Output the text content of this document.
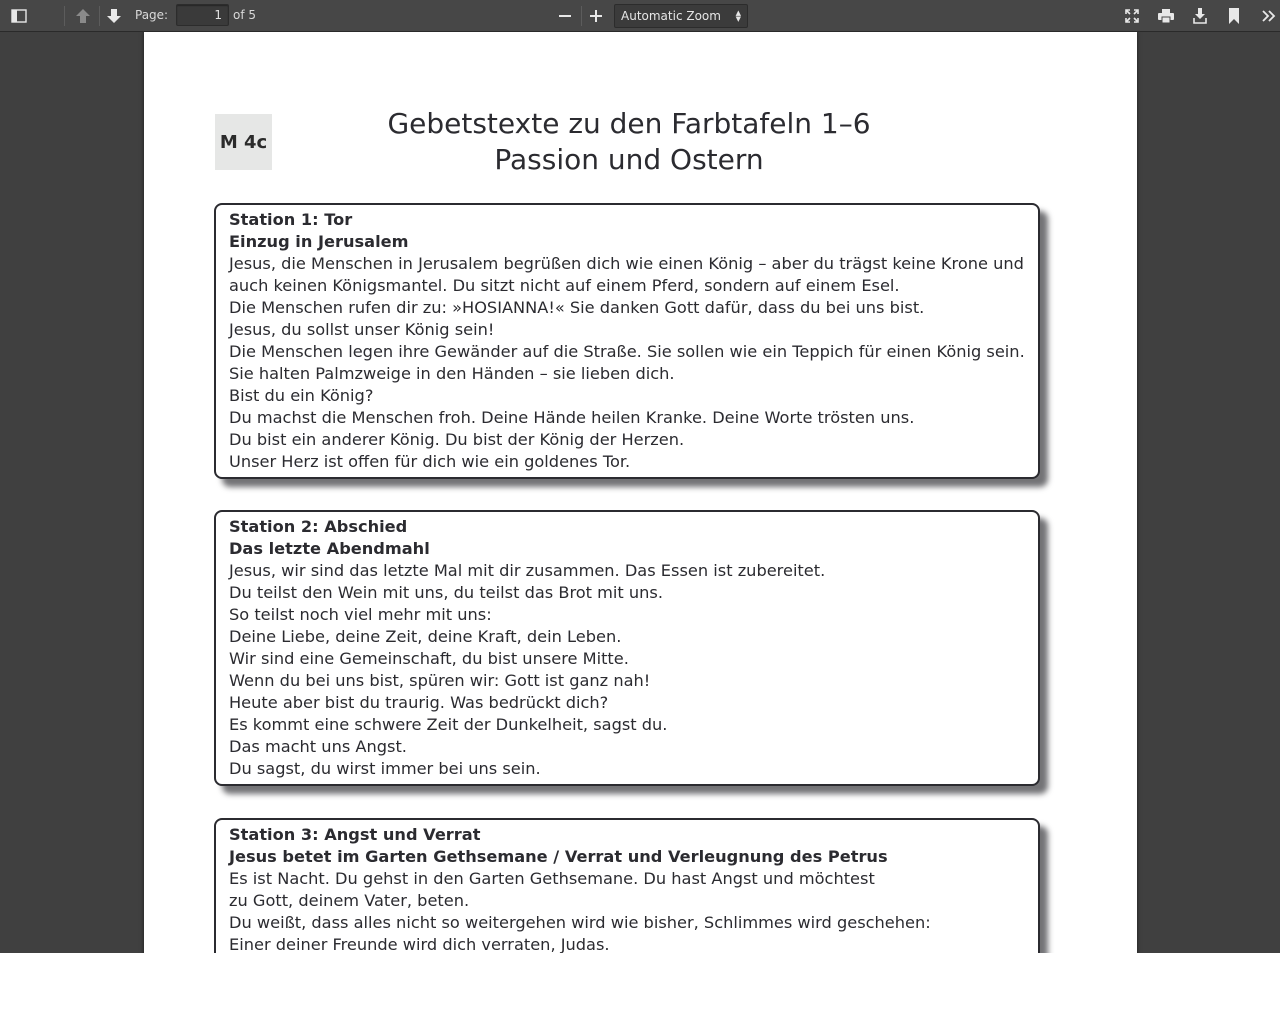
Page:
1	of 5	Automatic Zoom ▲
▼
M 4c
Gebetstexte zu den Farbtafeln 1–6
Passion und Ostern
Station 1: Tor
Einzug in Jerusalem
Jesus, die Menschen in Jerusalem begrüßen dich wie einen König – aber du trägst keine Krone und
auch keinen Königsmantel. Du sitzt nicht auf einem Pferd, sondern auf einem Esel.
Die Menschen rufen dir zu: »HOSIANNA!« Sie danken Gott dafür, dass du bei uns bist.
Jesus, du sollst unser König sein!
Die Menschen legen ihre Gewänder auf die Straße. Sie sollen wie ein Teppich für einen König sein.
Sie halten Palmzweige in den Händen – sie lieben dich.
Bist du ein König?
Du machst die Menschen froh. Deine Hände heilen Kranke. Deine Worte trösten uns.
Du bist ein anderer König. Du bist der König der Herzen.
Unser Herz ist offen für dich wie ein goldenes Tor.
Station 2: Abschied
Das letzte Abendmahl
Jesus, wir sind das letzte Mal mit dir zusammen. Das Essen ist zubereitet.
Du teilst den Wein mit uns, du teilst das Brot mit uns.
So teilst noch viel mehr mit uns:
Deine Liebe, deine Zeit, deine Kraft, dein Leben.
Wir sind eine Gemeinschaft, du bist unsere Mitte.
Wenn du bei uns bist, spüren wir: Gott ist ganz nah!
Heute aber bist du traurig. Was bedrückt dich?
Es kommt eine schwere Zeit der Dunkelheit, sagst du.
Das macht uns Angst.
Du sagst, du wirst immer bei uns sein.
Station 3: Angst und Verrat
Jesus betet im Garten Gethsemane / Verrat und Verleugnung des Petrus
Es ist Nacht. Du gehst in den Garten Gethsemane. Du hast Angst und möchtest
zu Gott, deinem Vater, beten.
Du weißt, dass alles nicht so weitergehen wird wie bisher, Schlimmes wird geschehen:
Einer deiner Freunde wird dich verraten, Judas.
